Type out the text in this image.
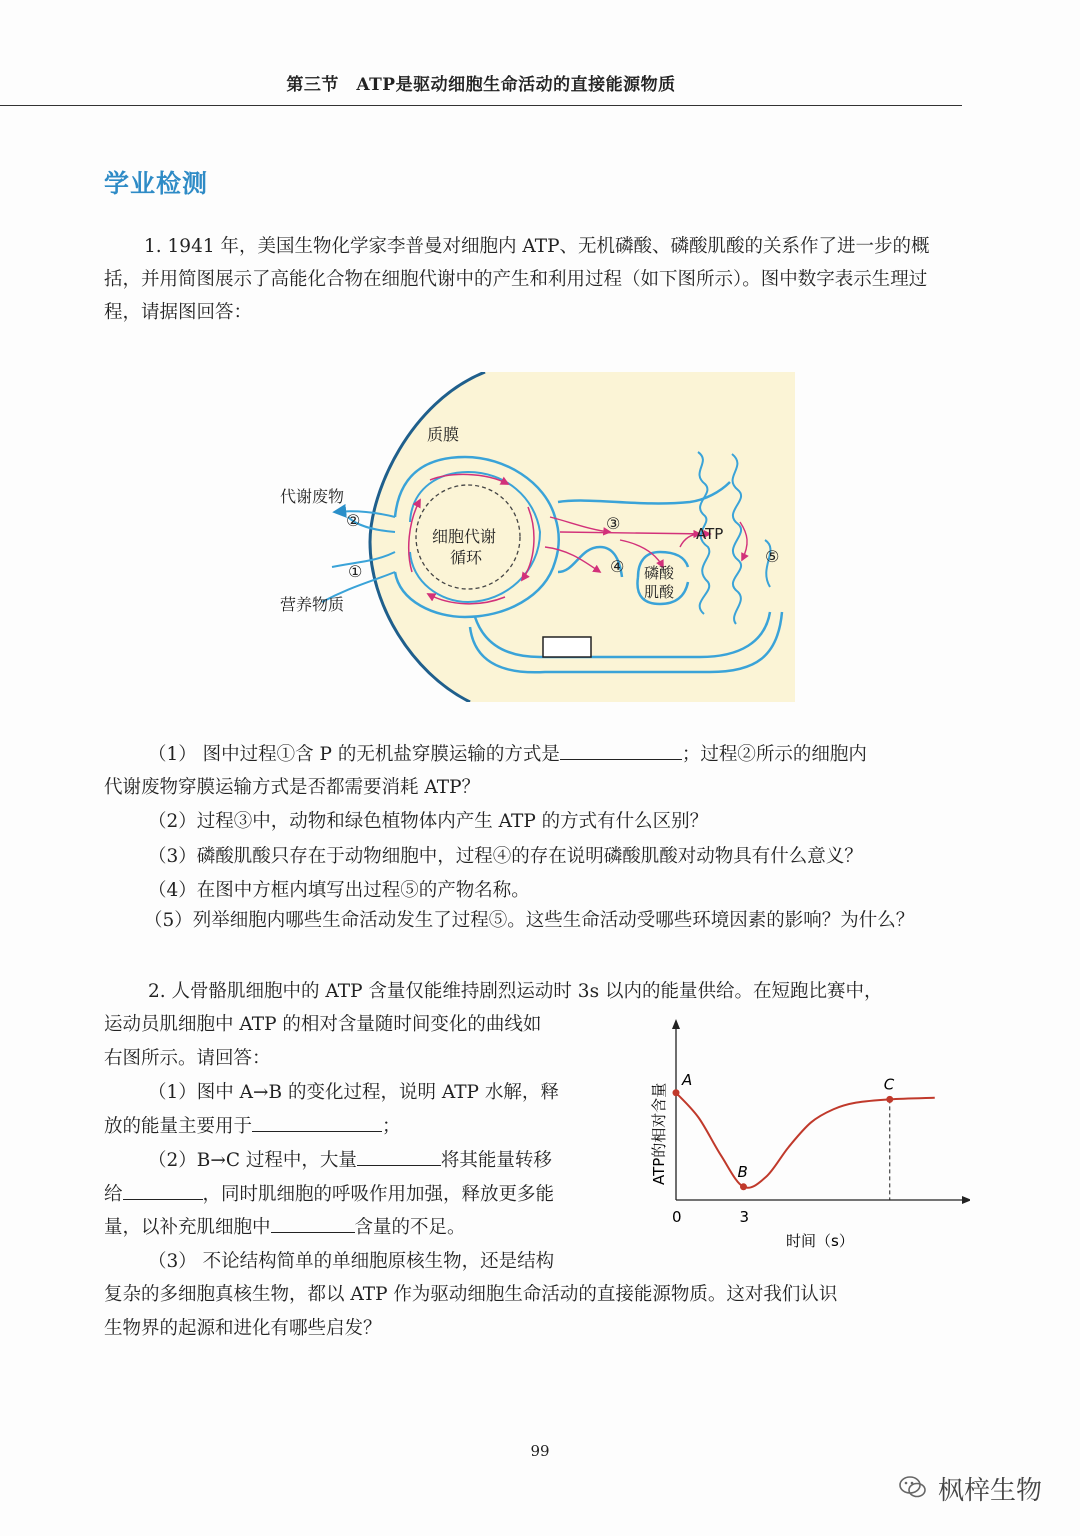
第三节　ATP是驱动细胞生命活动的直接能源物质
学业检测
1. 1941 年，美国生物化学家李普曼对细胞内 ATP、无机磷酸、磷酸肌酸的关系作了进一步的概括，并用简图展示了高能化合物在细胞代谢中的产生和利用过程（如下图所示）。图中数字表示生理过程，请据图回答：
质膜
代谢废物
营养物质
②
①
细胞代谢
循环
③
ATP
④ 磷酸
肌酸
⑤
（1） 图中过程①含 P 的无机盐穿膜运输的方式是	；过程②所示的细胞内
代谢废物穿膜运输方式是否都需要消耗 ATP？
（2）过程③中，动物和绿色植物体内产生 ATP 的方式有什么区别？
（3）磷酸肌酸只存在于动物细胞中，过程④的存在说明磷酸肌酸对动物具有什么意义？
（4）在图中方框内填写出过程⑤的产物名称。
（5）列举细胞内哪些生命活动发生了过程⑤。这些生命活动受哪些环境因素的影响？为什么？
2. 人骨骼肌细胞中的 ATP 含量仅能维持剧烈运动时 3s 以内的能量供给。在短跑比赛中，
运动员肌细胞中 ATP 的相对含量随时间变化的曲线如
右图所示。请回答：
（1）图中 A→B 的变化过程，说明 ATP 水解，释
放的能量主要用于	；
（2）B→C 过程中，大量	将其能量转移
给	，同时肌细胞的呼吸作用加强，释放更多能
量，以补充肌细胞中	含量的不足。
（3） 不论结构简单的单细胞原核生物，还是结构
复杂的多细胞真核生物，都以 ATP 作为驱动细胞生命活动的直接能源物质。这对我们认识
生物界的起源和进化有哪些启发？
A
B
C
0	3
时间（s）
ATP的相对含量
99
枫梓生物
